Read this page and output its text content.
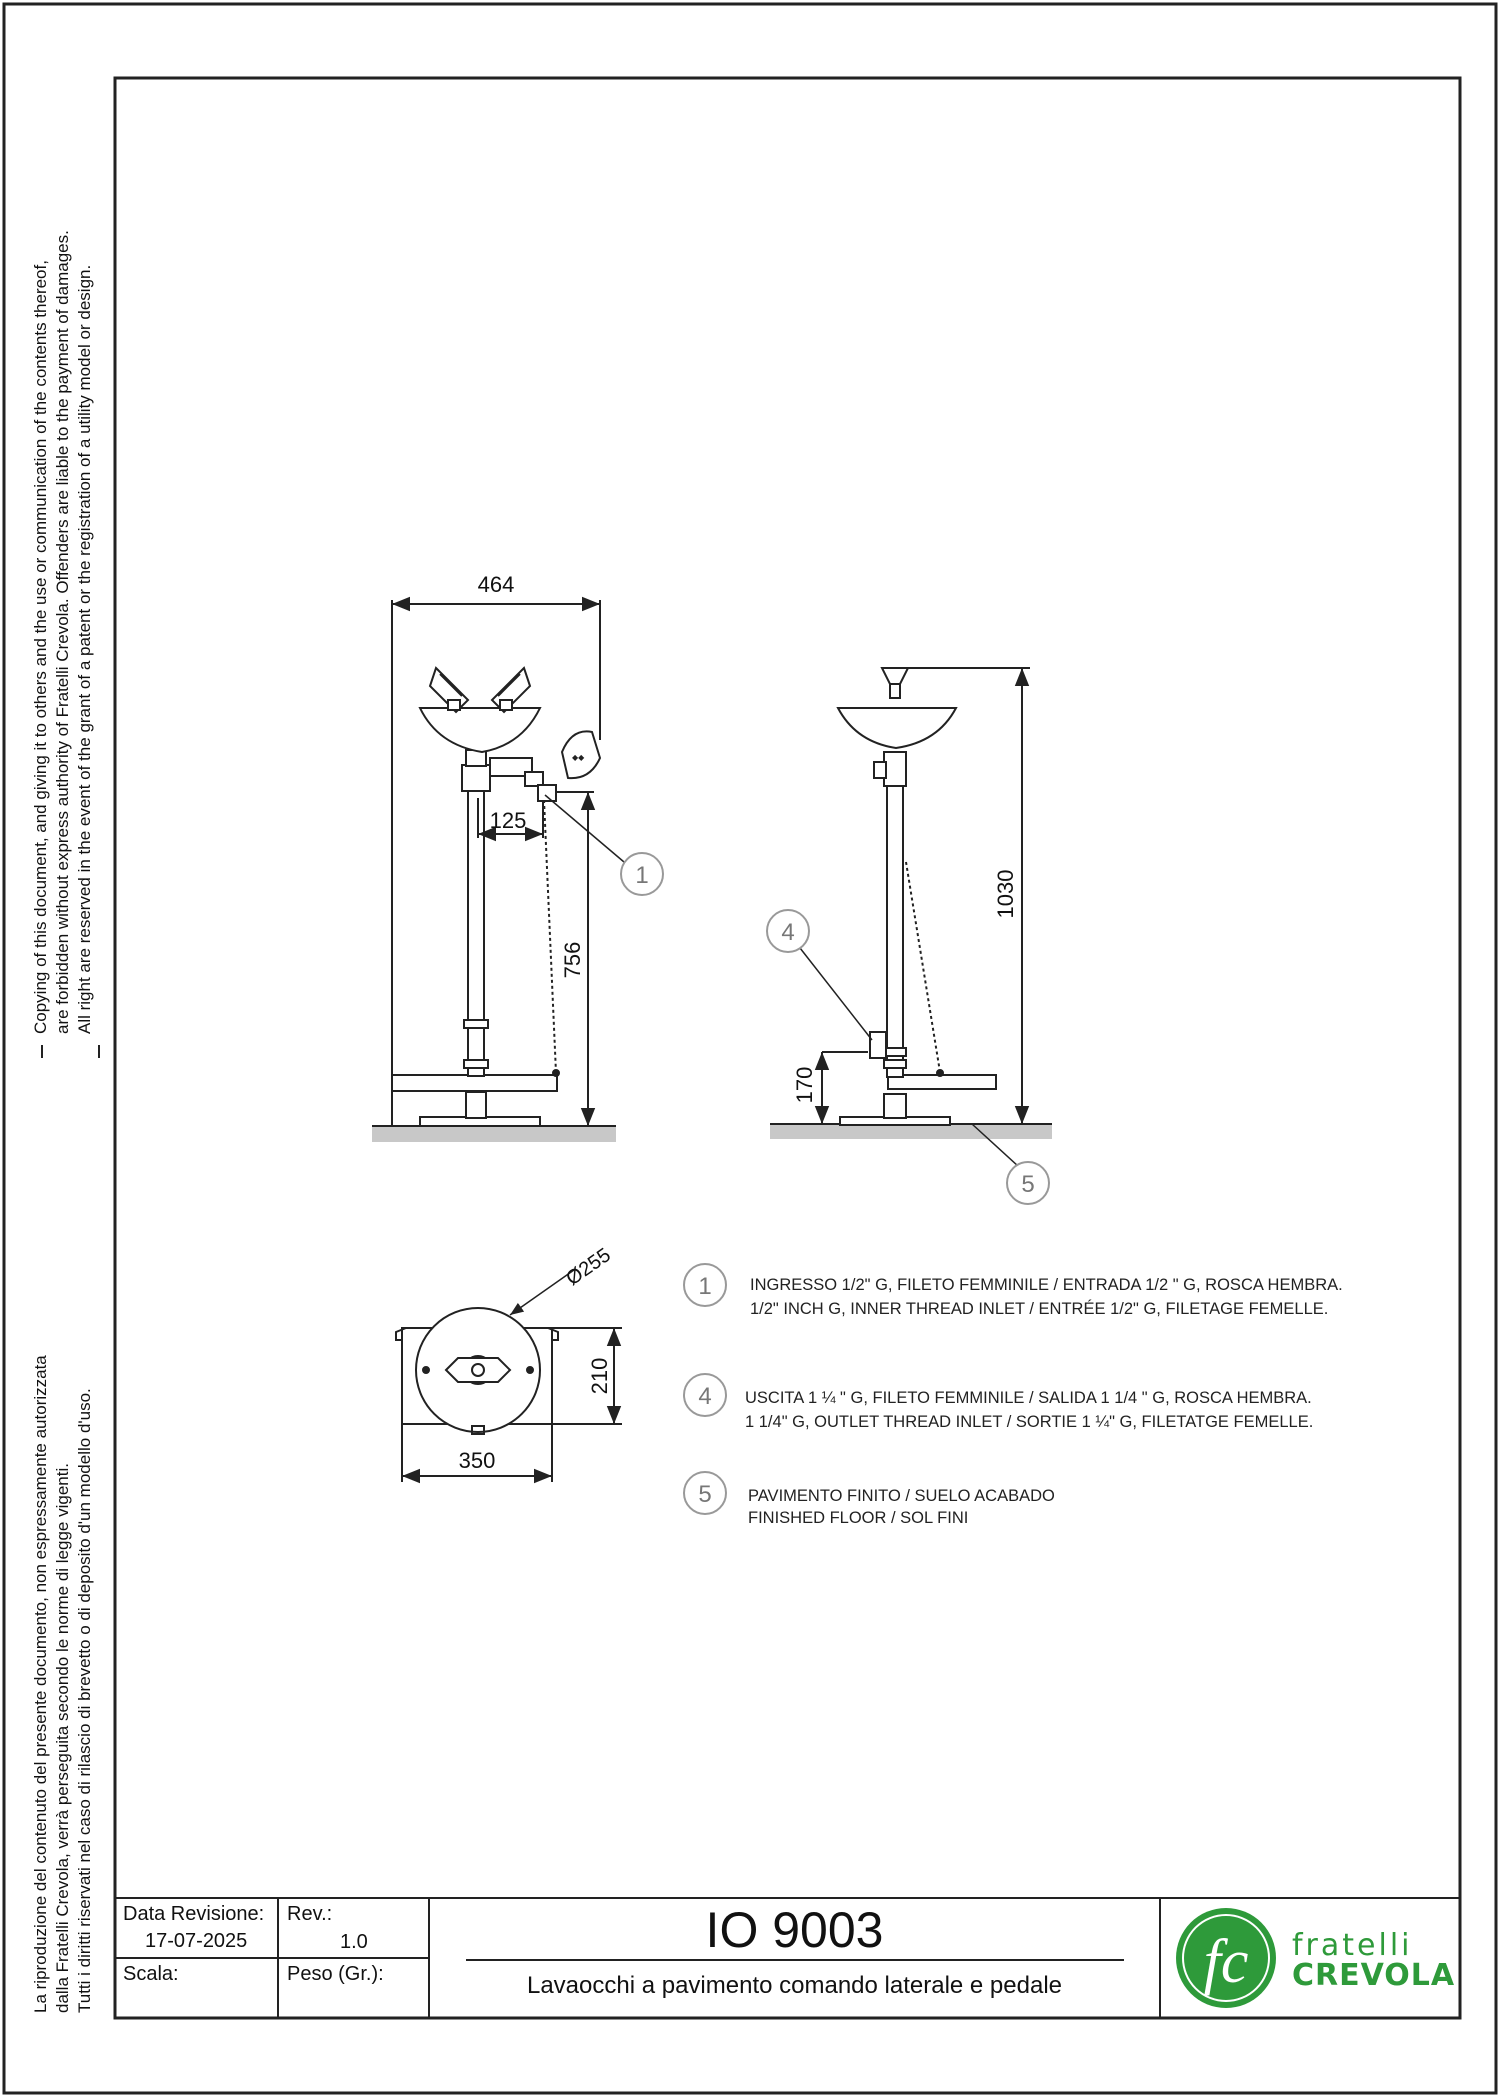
◆◆
464
125
756
1	1030
170
4
5
Ø255
210
350
1
4
5
INGRESSO 1/2" G, FILETO FEMMINILE / ENTRADA 1/2 " G, ROSCA HEMBRA.
1/2" INCH G, INNER THREAD INLET / ENTRÉE 1/2" G, FILETAGE FEMELLE.
USCITA 1 ¼ " G, FILETO FEMMINILE / SALIDA 1 1/4 " G, ROSCA HEMBRA.
1 1/4" G, OUTLET THREAD INLET / SORTIE 1 ¼" G, FILETATGE FEMELLE.
PAVIMENTO FINITO / SUELO ACABADO
FINISHED FLOOR / SOL FINI
fc fratelli
CREVOLA
Copying of this document, and giving it to others and the use or communication of the contents thereof, are forbidden without express authority of Fratelli Crevola. Offenders are liable to the payment of damages. All right are reserved in the event of the grant of a patent or the registration of a utility model or design.
La riproduzione del contenuto del presente documento, non espressamente autorizzata dalla Fratelli Crevola, verrà perseguita secondo le norme di legge vigenti. Tutti i diritti riservati nel caso di rilascio di brevetto o di deposito d'un modello d'uso. Data Revisione:
17-07-2025
Rev.:
1.0
Scala:	Peso (Gr.):
IO 9003
Lavaocchi a pavimento comando laterale e pedale
